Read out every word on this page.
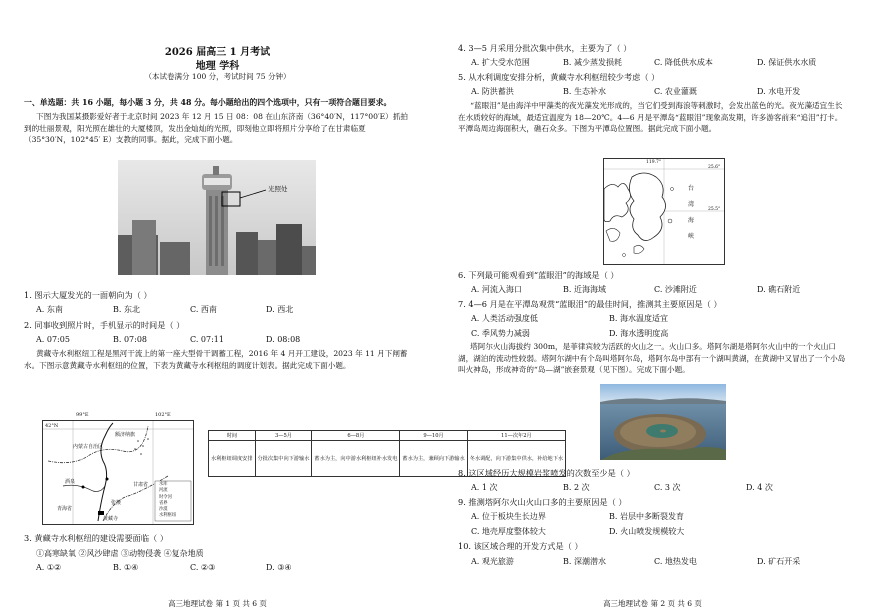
2026 届高三 1 月考试
地理 学科
（本试卷满分 100 分，考试时间 75 分钟）
一、单选题：共 16 小题，每小题 3 分，共 48 分。每小题给出的四个选项中，只有一项符合题目要求。
下图为我国某摄影爱好者于北京时间 2023 年 12 月 15 日 08：08 在山东济南（36°40′N，117°00′E）抓拍到的壮丽景观，阳光照在雄壮的大厦楼顶，发出金灿灿的光照，即刻他立即将照片分享给了在甘肃临夏（35°30′N，102°45′ E）支教的同事。据此，完成下面小题。
光照处
1. 图示大厦发光的一面朝向为（ ）
A. 东南	B. 东北	C. 西南	D. 西北
2. 同事收到照片时，手机显示的时间是（ ）
A. 07:05	B. 07:08	C. 07:11	D. 08:08
黄藏寺水利枢纽工程是黑河干流上的第一座大型骨干调蓄工程，2016 年 4 月开工建设，2023 年 11 月下闸蓄水。下图示意黄藏寺水利枢纽的位置，下表为黄藏寺水利枢纽的调度计划表。据此完成下面小题。
99°E	102°E
42°N
内蒙古自治区
甘肃省
青海省
额济纳旗
张掖
酒泉
黄藏寺
水库
河流
时令河
省界
沙漠
水利枢纽
时间	3—5月	6—8月	9—10月	11—次年2月
水利枢纽调度安排	分批次集中向下游输水	蓄水为主，向中游水利枢纽补水发电	蓄水为主，兼顾向下游输水	冬水调配，向下游集中供水，补给地下水
3. 黄藏寺水利枢纽的建设需要面临（ ）
①高寒缺氧 ②风沙肆虐 ③动物侵袭 ④复杂地质
A. ①②	B. ①④	C. ②③	D. ③④
高三地理试卷 第 1 页 共 6 页
4. 3—5 月采用分批次集中供水，主要为了（ ）
A. 扩大受水范围	B. 减少蒸发损耗	C. 降低供水成本	D. 保证供水水质
5. 从水利调度安排分析，黄藏寺水利枢纽较少考虑（ ）
A. 防洪蓄洪	B. 生态补水	C. 农业灌溉	D. 水电开发
“蓝眼泪”是由海洋中甲藻类的夜光藻发光形成的，当它们受到海浪等刺激时，会发出蓝色的光。夜光藻适宜生长在水质较好的海域，最适宜温度为 18—20℃。4—6 月是平潭岛“蓝眼泪”现象高发期，许多游客前来“追泪”打卡。平潭岛周边海面积大，礁石众多。下图为平潭岛位置图。据此完成下面小题。
119.7°
25.6°
25.5°
台湾海峡
6. 下列最可能观看到“蓝眼泪”的海域是（ ）
A. 河流入海口	B. 近海海域	C. 沙滩附近	D. 礁石附近
7. 4—6 月是在平潭岛观赏“蓝眼泪”的最佳时间，推测其主要原因是（ ）
A. 人类活动强度低	B. 海水温度适宜
C. 季风势力减弱	D. 海水透明度高
塔阿尔火山海拔约 300m，是菲律宾较为活跃的火山之一。火山口多。塔阿尔湖是塔阿尔火山中的一个火山口湖，湖泊的流动性较弱。塔阿尔湖中有个岛叫塔阿尔岛，塔阿尔岛中部有一个湖叫黄湖，在黄湖中又冒出了一个小岛叫火神岛，形成神奇的“岛—湖”嵌套景观（见下图）。完成下面小题。
8. 这区域经历大规模岩浆喷发的次数至少是（ ）
A. 1 次	B. 2 次	C. 3 次	D. 4 次
9. 推测塔阿尔火山火山口多的主要原因是（ ）
A. 位于板块生长边界	B. 岩层中多断裂发育
C. 地壳厚度整体较大	D. 火山喷发规模较大
10. 该区域合理的开发方式是（ ）
A. 观光旅游	B. 深潮潜水	C. 地热发电	D. 矿石开采
高三地理试卷 第 2 页 共 6 页
